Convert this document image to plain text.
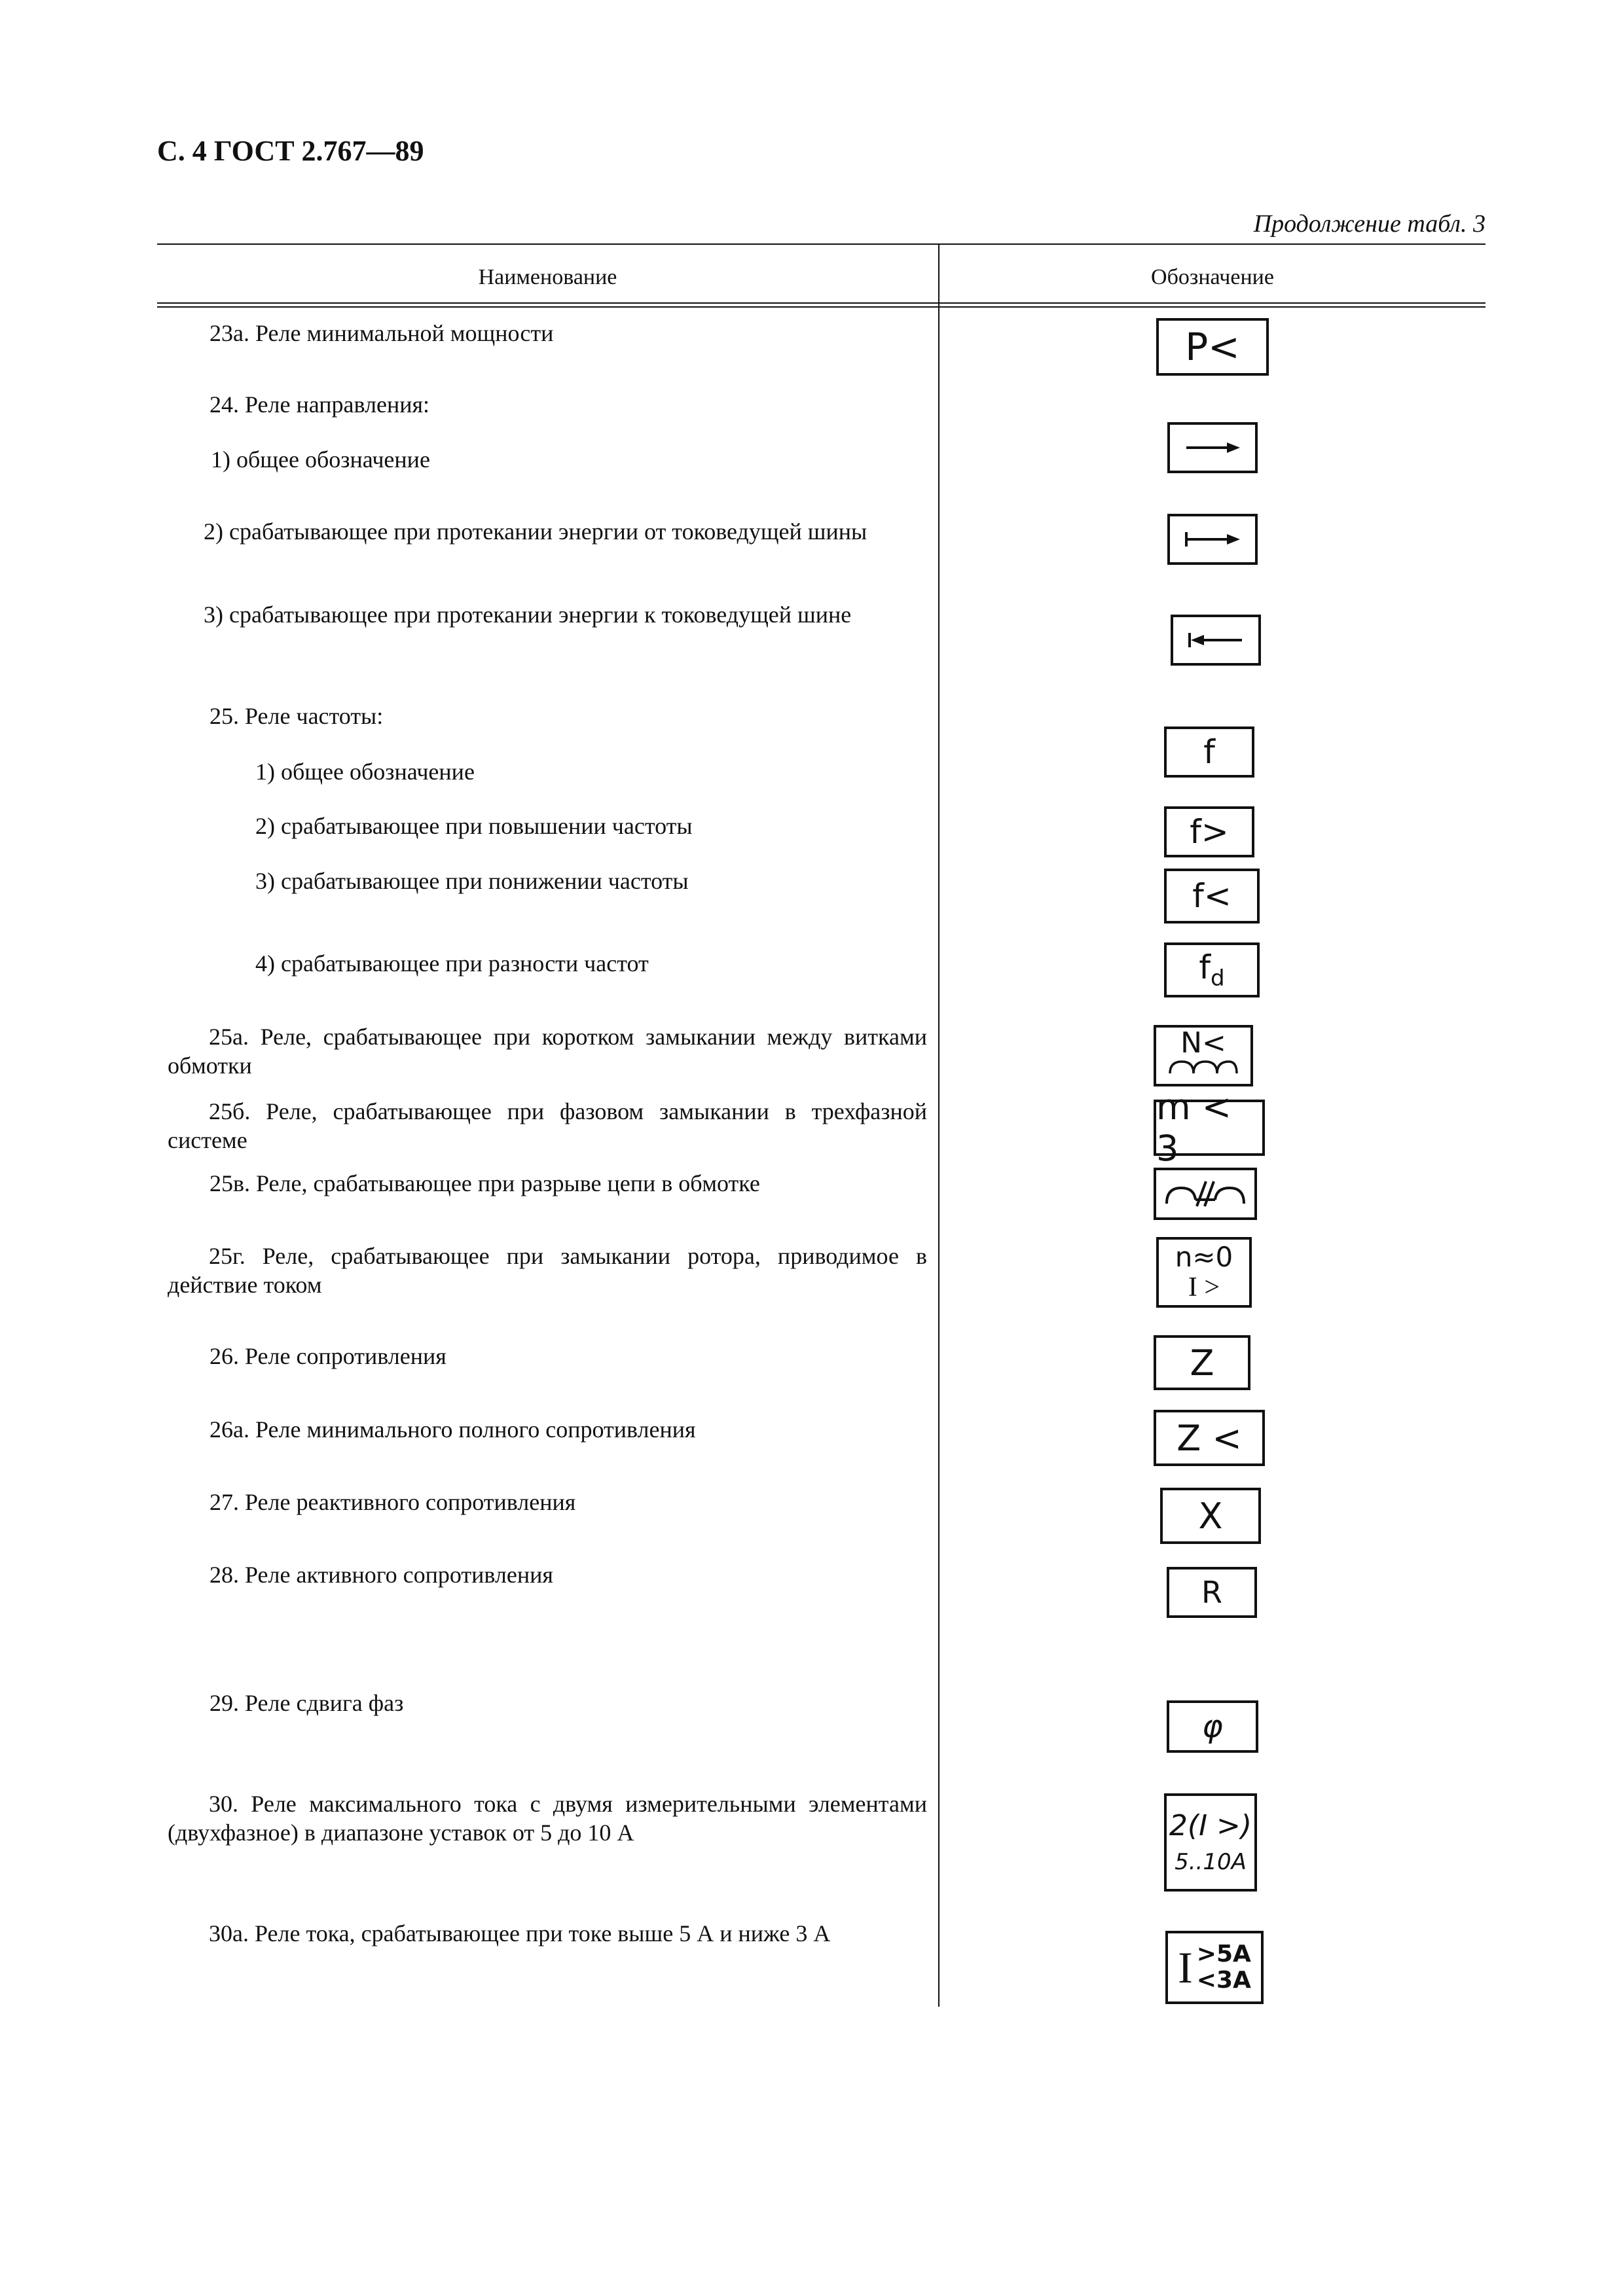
С. 4 ГОСТ 2.767—89
Продолжение табл. 3
Наименование	Обозначение
23а. Реле минимальной мощности
24. Реле направления:
1) общее обозначение
2) срабатывающее при протекании энергии от токоведущей шины
3) срабатывающее при протекании энергии к токоведущей шине
25. Реле частоты:
1) общее обозначение
2) срабатывающее при повышении частоты
3) срабатывающее при понижении частоты
4) срабатывающее при разности частот
25а. Реле, срабатывающее при коротком замыкании между витками обмотки
25б. Реле, срабатывающее при фазовом замыкании в трехфазной системе
25в. Реле, срабатывающее при разрыве цепи в обмотке
25г. Реле, срабатывающее при замыкании ротора, приводимое в действие током
26. Реле сопротивления
26а. Реле минимального полного сопротивления
27. Реле реактивного сопротивления
28. Реле активного сопротивления
29. Реле сдвига фаз
30. Реле максимального тока с двумя измерительными элементами (двухфазное) в диапазоне уставок от 5 до 10 А
30а. Реле тока, срабатывающее при токе выше 5 А и ниже 3 А
P<
f
f>
f<
$f_d$
N<
m < 3
n≈0
I >
Z
Z <
X
R
φ
2(I >)
5..10A
I >5A
<3A
